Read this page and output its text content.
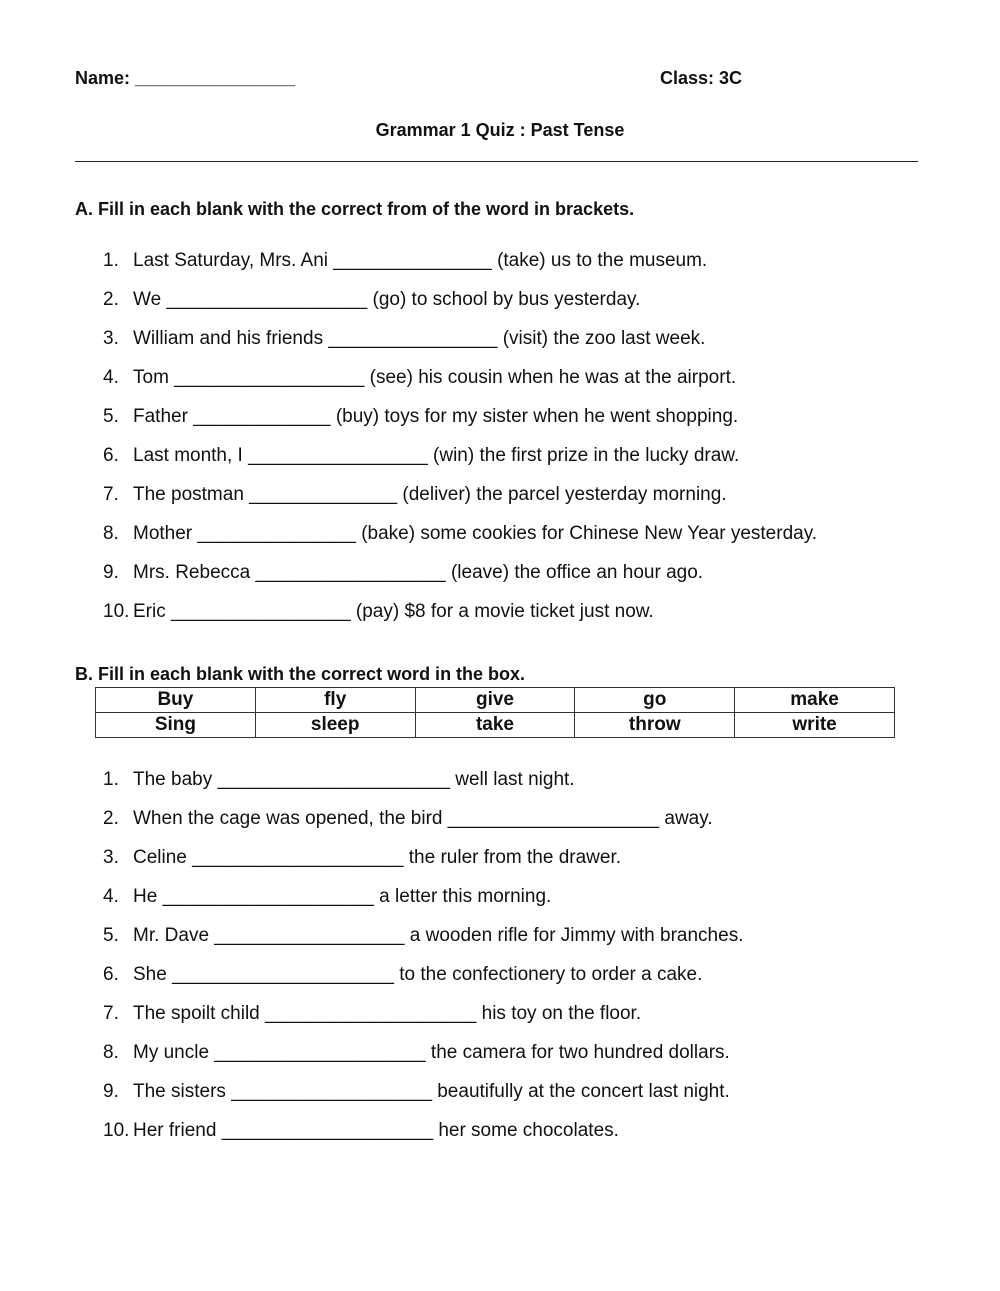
Name: ________________	Class: 3C
Grammar 1 Quiz : Past Tense
A. Fill in each blank with the correct from of the word in brackets.
1. Last Saturday, Mrs. Ani _______________ (take) us to the museum.
2. We ___________________ (go) to school by bus yesterday.
3. William and his friends ________________ (visit) the zoo last week.
4. Tom __________________ (see) his cousin when he was at the airport.
5. Father _____________ (buy) toys for my sister when he went shopping.
6. Last month, I _________________ (win) the first prize in the lucky draw.
7. The postman ______________ (deliver) the parcel yesterday morning.
8. Mother _______________ (bake) some cookies for Chinese New Year yesterday.
9. Mrs. Rebecca __________________ (leave) the office an hour ago.
10. Eric _________________ (pay) $8 for a movie ticket just now.
B. Fill in each blank with the correct word in the box.
Buy	fly	give	go	make
Sing	sleep	take	throw	write
1. The baby ______________________ well last night.
2. When the cage was opened, the bird ____________________ away.
3. Celine ____________________ the ruler from the drawer.
4. He ____________________ a letter this morning.
5. Mr. Dave __________________ a wooden rifle for Jimmy with branches.
6. She _____________________ to the confectionery to order a cake.
7. The spoilt child ____________________ his toy on the floor.
8. My uncle ____________________ the camera for two hundred dollars.
9. The sisters ___________________ beautifully at the concert last night.
10. Her friend ____________________ her some chocolates.
